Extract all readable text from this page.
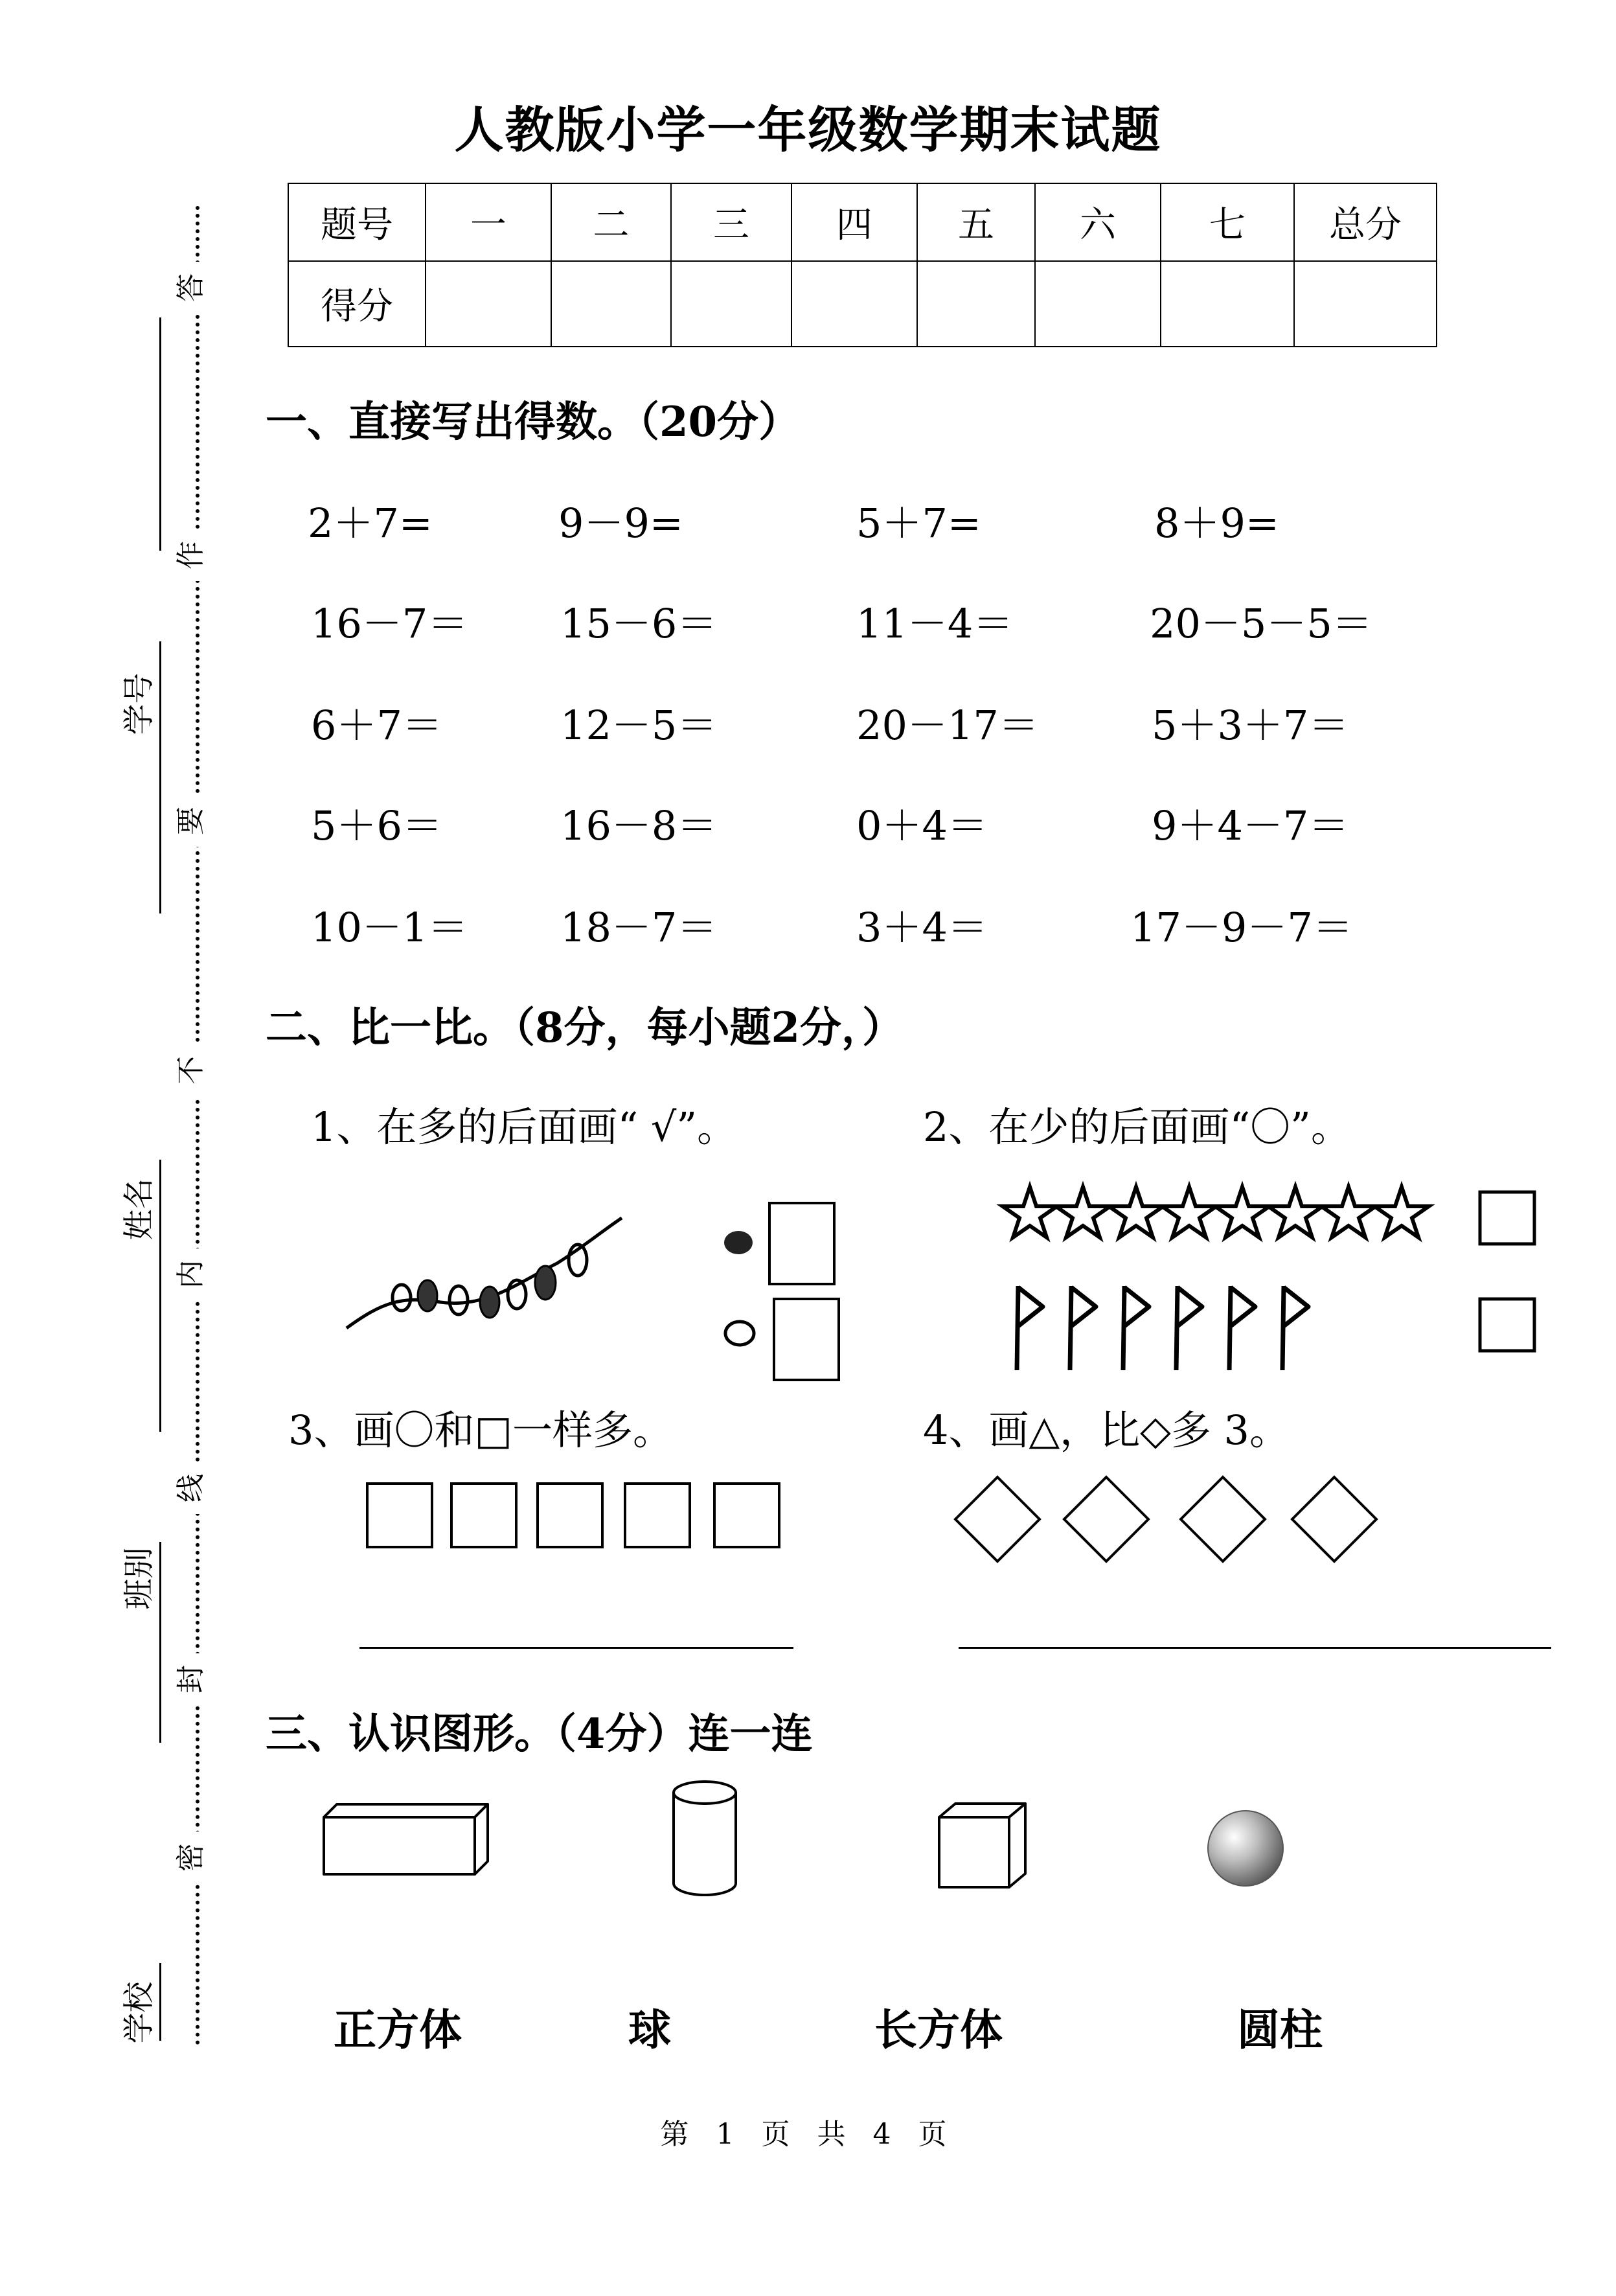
学校
班别
姓名
学号
密
封
线
内
不
要
作
答
人教版小学一年级数学期末试题
题号	一	二	三	四	五	六	七	总分
得分								
一、直接写出得数。（20分）
2＋7=	9－9=	5＋7=	8＋9=
16－7＝ 15－6＝	11－4＝	20－5－5＝
6＋7＝	12－5＝	20－17＝	5＋3＋7＝
5＋6＝	16－8＝	0＋4＝	9＋4－7＝
10－1＝ 18－7＝	3＋4＝	17－9－7＝
二、比一比。（8分，每小题2分，）
1、在多的后面画“ √”。	2、在少的后面画“〇”。
3、画〇和□一样多。	4、画△，比◇多 3。
三、认识图形。（4分）连一连
正方体	球	长方体	圆柱
第 1 页 共 4 页
